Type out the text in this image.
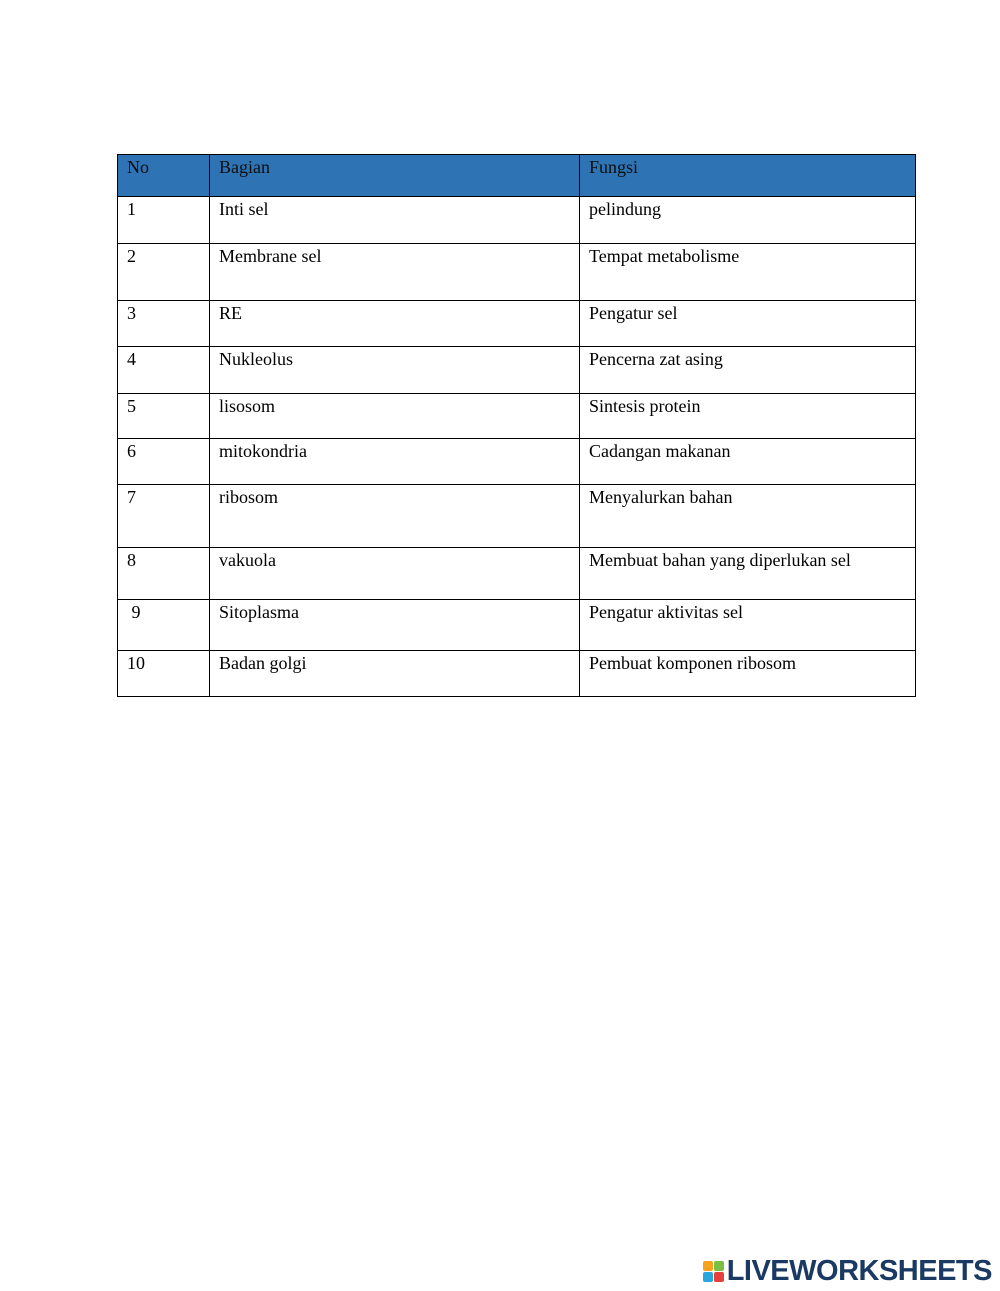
No	Bagian	Fungsi
1	Inti sel	pelindung
2	Membrane sel	Tempat metabolisme
3	RE	Pengatur sel
4	Nukleolus	Pencerna zat asing
5	lisosom	Sintesis protein
6	mitokondria	Cadangan makanan
7	ribosom	Menyalurkan bahan
8	vakuola	Membuat bahan yang diperlukan sel
9	Sitoplasma	Pengatur aktivitas sel
10	Badan golgi	Pembuat komponen ribosom
LIVEWORKSHEETS
